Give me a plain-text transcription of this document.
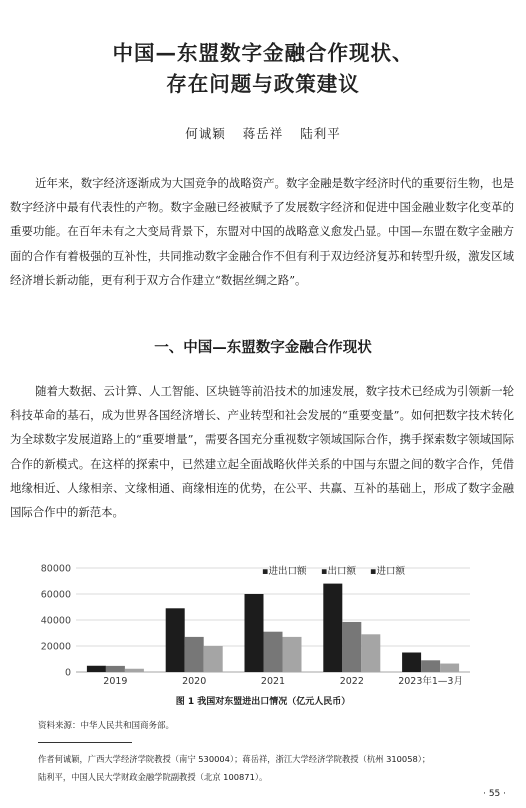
中国—东盟数字金融合作现状、
存在问题与政策建议
何诚颖 蒋岳祥 陆利平

近年来，数字经济逐渐成为大国竞争的战略资产。数字金融是数字经济时代的重要衍生物，也是数字经济中最有代表性的产物。数字金融已经被赋予了发展数字经济和促进中国金融业数字化变革的重要功能。在百年未有之大变局背景下，东盟对中国的战略意义愈发凸显。中国—东盟在数字金融方面的合作有着极强的互补性，共同推动数字金融合作不但有利于双边经济复苏和转型升级，激发区域经济增长新动能，更有利于双方合作建立“数据丝绸之路”。

一、中国—东盟数字金融合作现状

随着大数据、云计算、人工智能、区块链等前沿技术的加速发展，数字技术已经成为引领新一轮科技革命的基石，成为世界各国经济增长、产业转型和社会发展的“重要变量”。如何把数字技术转化为全球数字发展道路上的“重要增量”，需要各国充分重视数字领域国际合作，携手探索数字领域国际合作的新模式。在这样的探索中，已然建立起全面战略伙伴关系的中国与东盟之间的数字合作，凭借地缘相近、人缘相亲、文缘相通、商缘相连的优势，在公平、共赢、互补的基础上，形成了数字金融国际合作中的新范本。

0
20000
40000
60000
80000
2019	2020	2021	2022	2023年1—3月
▪进出口额 ▪出口额 ▪进口额
图 1 我国对东盟进出口情况（亿元人民币）
资料来源：中华人民共和国商务部。
作者何诚颖，广西大学经济学院教授（南宁 530004）；蒋岳祥，浙江大学经济学院教授（杭州 310058）；
陆利平，中国人民大学财政金融学院副教授（北京 100871）。
· 55 ·
